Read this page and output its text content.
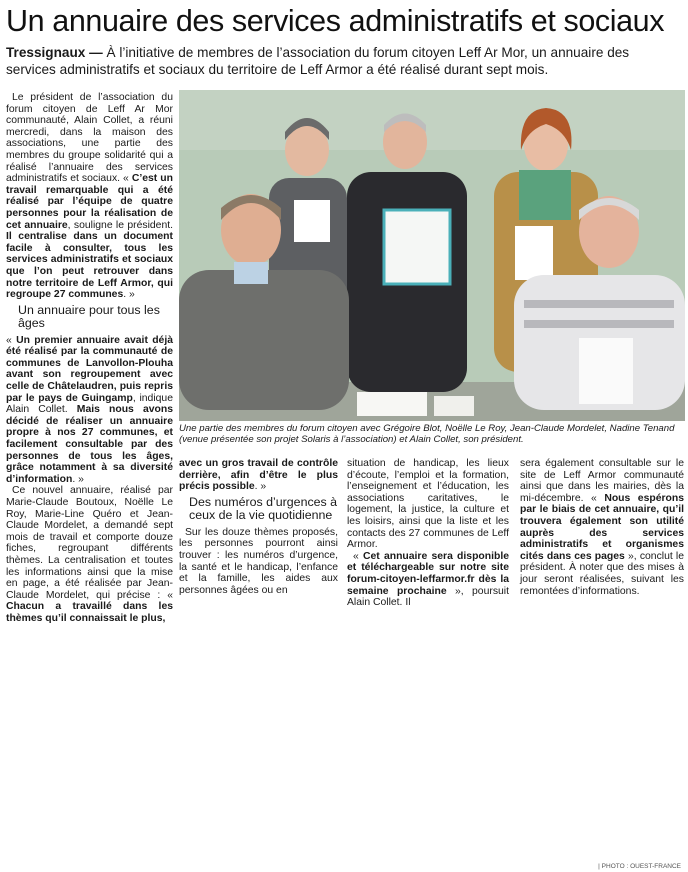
Un annuaire des services administratifs et sociaux
Tressignaux — À l’initiative de membres de l’association du forum citoyen Leff Ar Mor, un annuaire des services administratifs et sociaux du territoire de Leff Armor a été réalisé durant sept mois.

Le président de l’association du forum citoyen de Leff Ar Mor communauté, Alain Collet, a réuni mercredi, dans la maison des associations, une partie des membres du groupe solidarité qui a réalisé l’annuaire des services administratifs et sociaux. « C’est un travail remarquable qui a été réalisé par l’équipe de quatre personnes pour la réalisation de cet annuaire, souligne le président. Il centralise dans un document facile à consulter, tous les services administratifs et sociaux que l’on peut retrouver dans notre territoire de Leff Armor, qui regroupe 27 communes. »

Un annuaire pour tous les âges

« Un premier annuaire avait déjà été réalisé par la communauté de communes de Lanvollon-Plouha avant son regroupement avec celle de Châtelaudren, puis repris par le pays de Guingamp, indique Alain Collet. Mais nous avons décidé de réaliser un annuaire propre à nos 27 communes, et facilement consultable par des personnes de tous les âges, grâce notamment à sa diversité d’information. »

Ce nouvel annuaire, réalisé par Marie-Claude Boutoux, Noëlle Le Roy, Marie-Line Quéro et Jean-Claude Mordelet, a demandé sept mois de travail et comporte douze fiches, regroupant différents thèmes. La centralisation et toutes les informations ainsi que la mise en page, a été réalisée par Jean-Claude Mordelet, qui précise : « Chacun a travaillé dans les thèmes qu’il connaissait le plus,

Une partie des membres du forum citoyen avec Grégoire Blot, Noëlle Le Roy, Jean-Claude Mordelet, Nadine Tenand (venue présentée son projet Solaris à l’association) et Alain Collet, son président.
| PHOTO : OUEST-FRANCE

avec un gros travail de contrôle derrière, afin d’être le plus précis possible. »

Des numéros d’urgences à ceux de la vie quotidienne

Sur les douze thèmes proposés, les personnes pourront ainsi trouver : les numéros d’urgence, la santé et le handicap, l’enfance et la famille, les aides aux personnes âgées ou en

situation de handicap, les lieux d’écoute, l’emploi et la formation, l’enseignement et l’éducation, les associations caritatives, le logement, la justice, la culture et les loisirs, ainsi que la liste et les contacts des 27 communes de Leff Armor.

« Cet annuaire sera disponible et téléchargeable sur notre site forum-citoyen-leffarmor.fr dès la semaine prochaine », poursuit Alain Collet. Il

sera également consultable sur le site de Leff Armor communauté ainsi que dans les mairies, dès la mi-décembre. « Nous espérons par le biais de cet annuaire, qu’il trouvera également son utilité auprès des services administratifs et organismes cités dans ces pages », conclut le président. À noter que des mises à jour seront réalisées, suivant les remontées d’informations.
